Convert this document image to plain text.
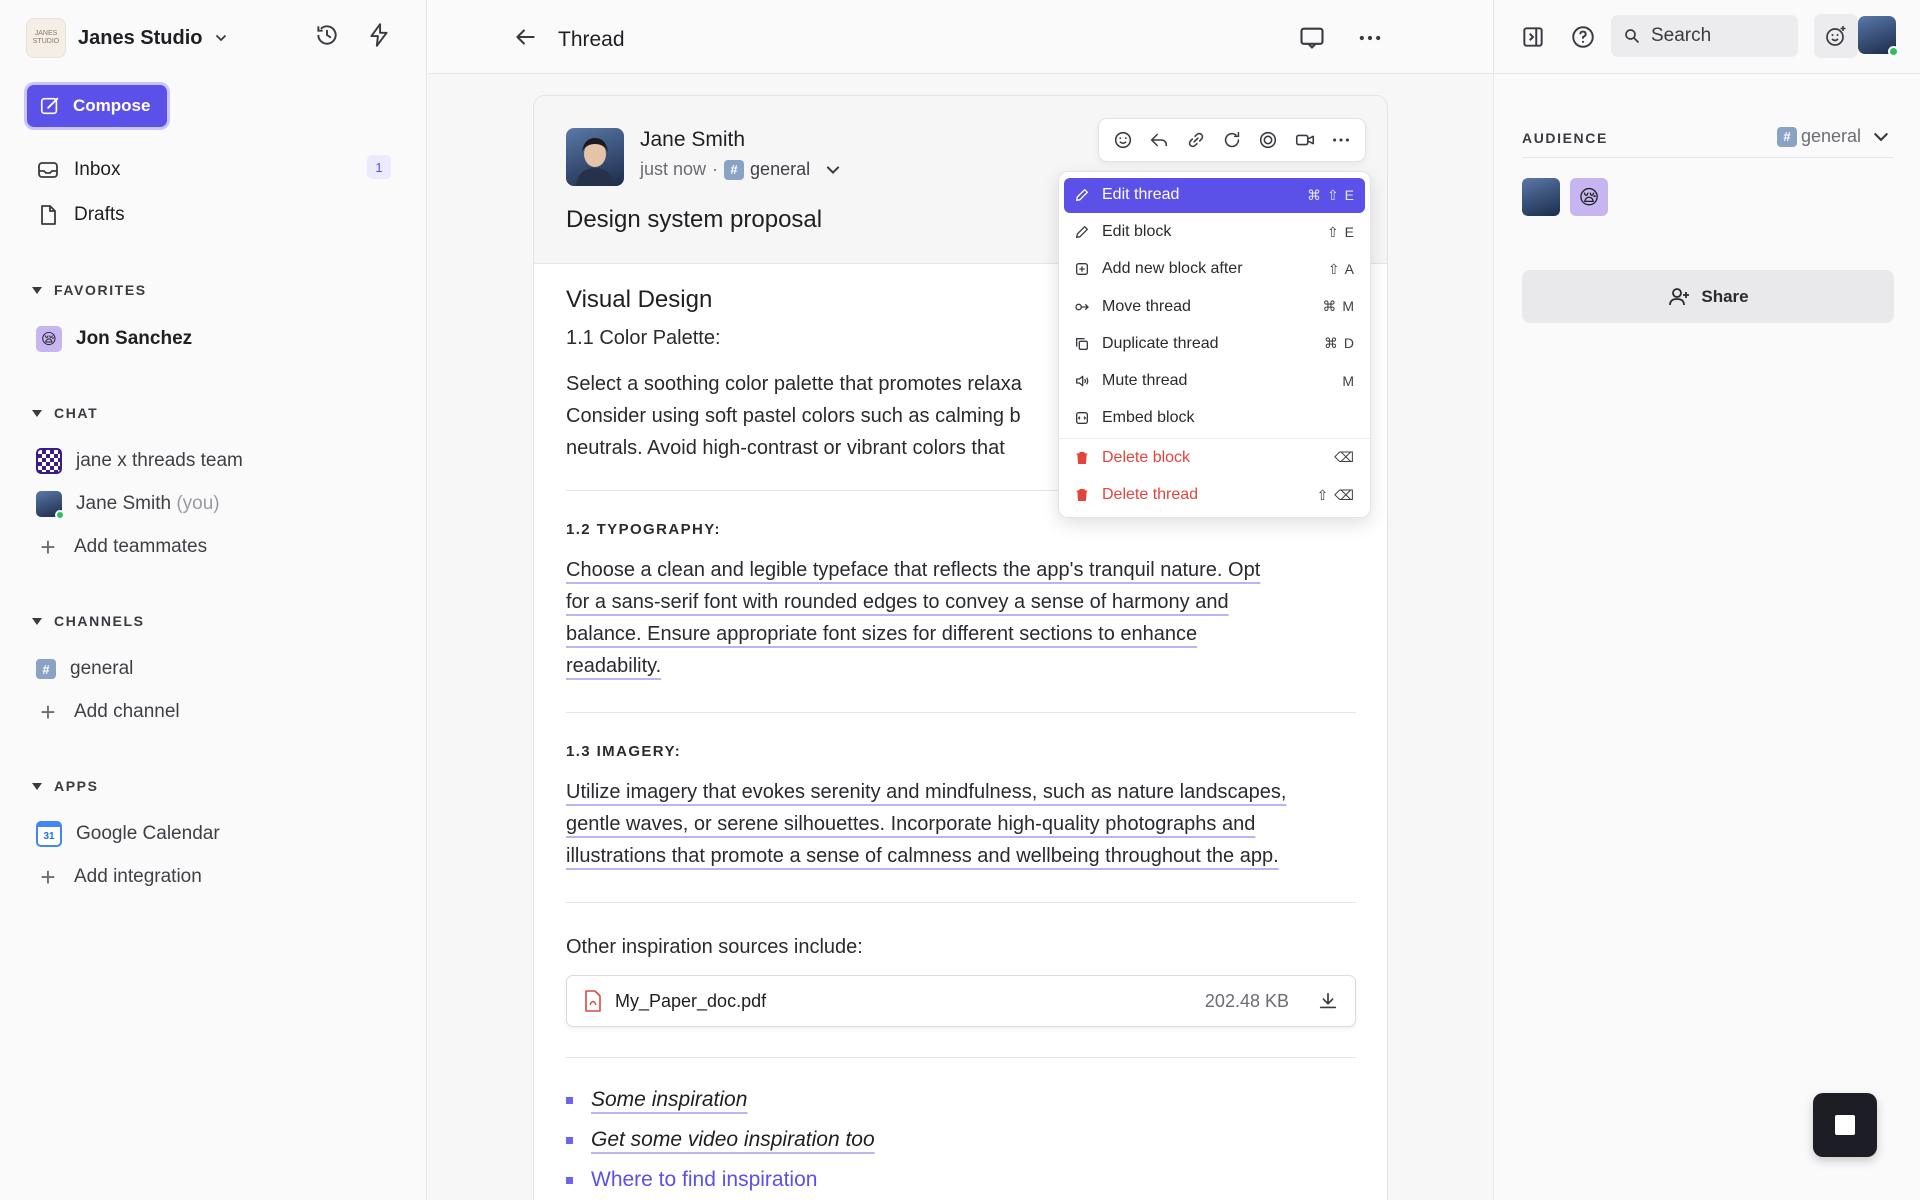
JANES STUDIO Janes Studio
Compose
Inbox	1
Drafts
FAVORITES
😪 Jon Sanchez
CHAT
jane x threads team
Jane Smith (you)
+ Add teammates
CHANNELS
#	general
+ Add channel
APPS
31	Google Calendar
+ Add integration
Thread
Jane Smith
just now · # general
Design system proposal
Visual Design
1.1 Color Palette:
Select a soothing color palette that promotes relaxa
Consider using soft pastel colors such as calming b
neutrals. Avoid high-contrast or vibrant colors that
1.2 TYPOGRAPHY:
Choose a clean and legible typeface that reflects the app's tranquil nature. Opt
for a sans-serif font with rounded edges to convey a sense of harmony and
balance. Ensure appropriate font sizes for different sections to enhance
readability.
1.3 IMAGERY:
Utilize imagery that evokes serenity and mindfulness, such as nature landscapes,
gentle waves, or serene silhouettes. Incorporate high-quality photographs and
illustrations that promote a sense of calmness and wellbeing throughout the app.
Other inspiration sources include:
My_Paper_doc.pdf	202.48 KB
Some inspiration
Get some video inspiration too
Where to find inspiration
Edit thread	⌘ ⇧ E
Edit block	⇧ E
Add new block after	⇧ A
Move thread	⌘ M
Duplicate thread	⌘ D
Mute thread	M
Embed block
Delete block	⌫
Delete thread	⇧ ⌫
Search
AUDIENCE	# general
😪
Share
